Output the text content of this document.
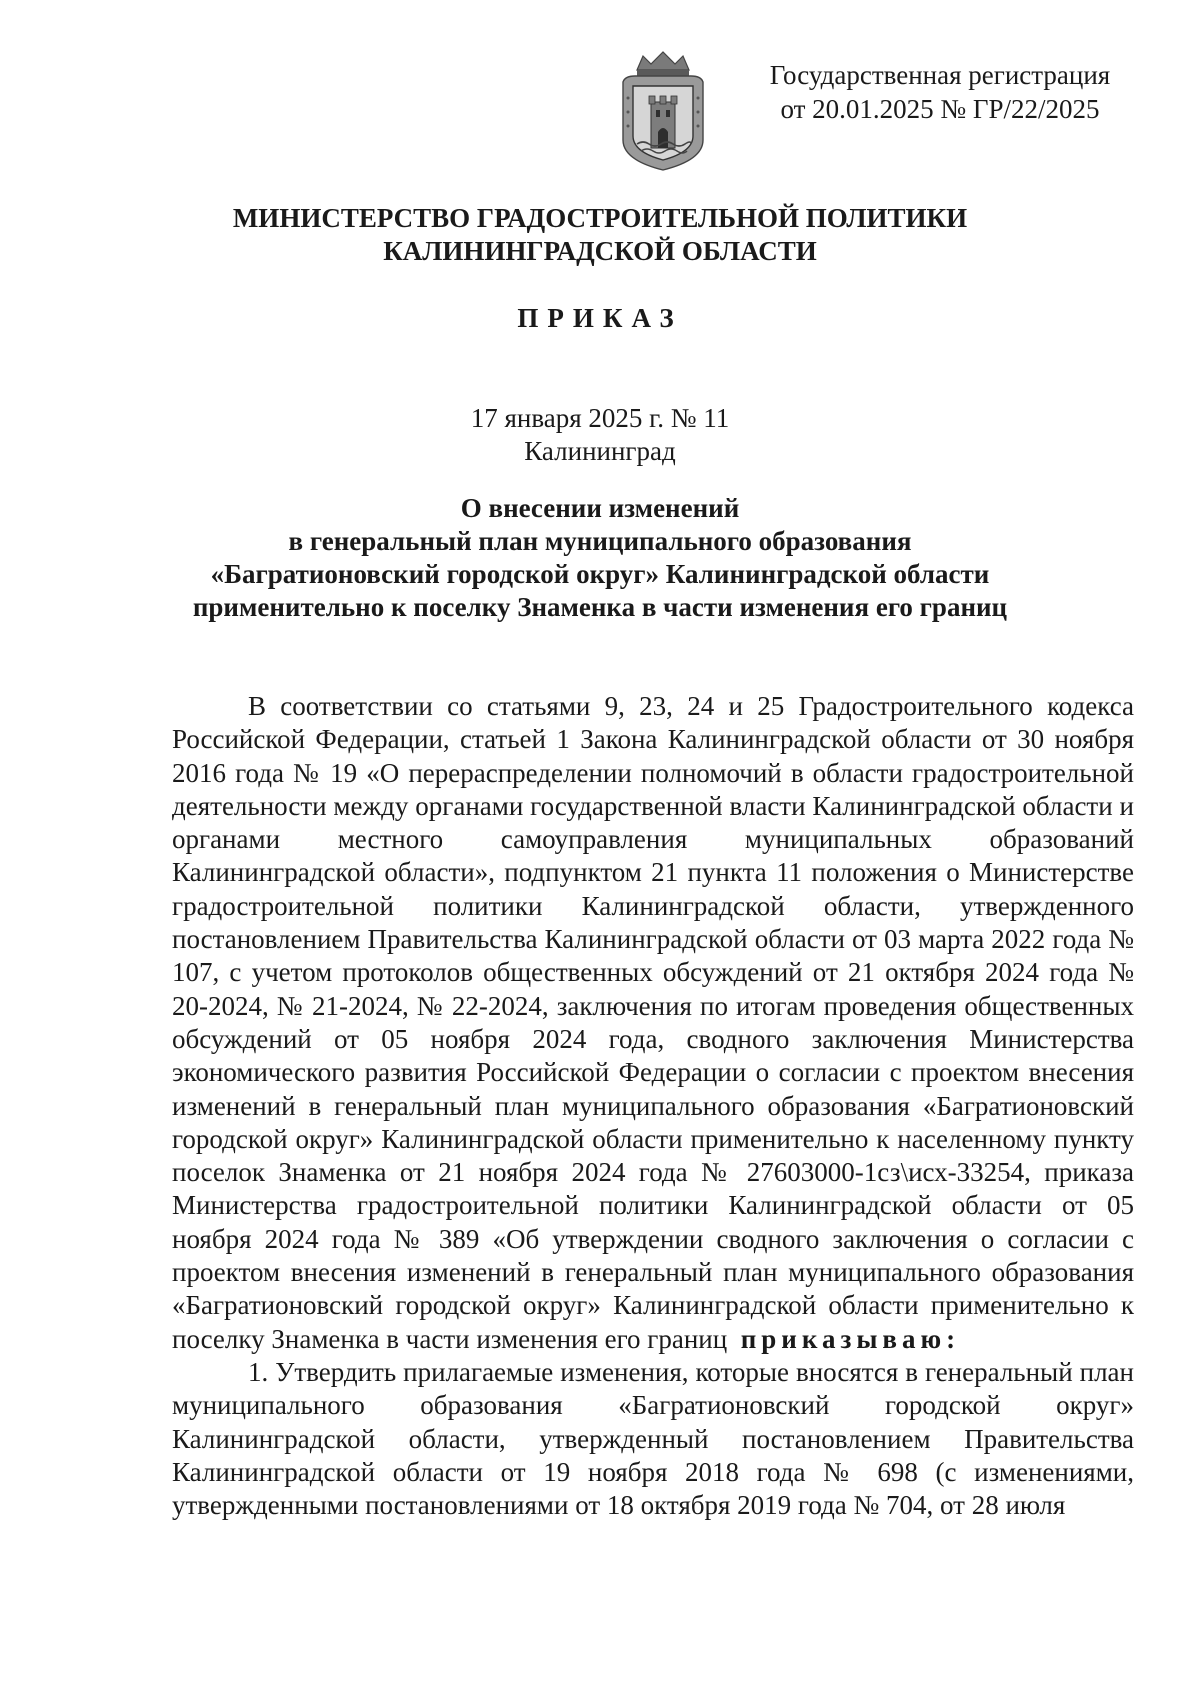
Государственная регистрация
от 20.01.2025 № ГР/22/2025
МИНИСТЕРСТВО ГРАДОСТРОИТЕЛЬНОЙ ПОЛИТИКИ
КАЛИНИНГРАДСКОЙ ОБЛАСТИ
ПРИКАЗ
17 января 2025 г. № 11
Калининград
О внесении изменений
в генеральный план муниципального образования
«Багратионовский городской округ» Калининградской области
применительно к поселку Знаменка в части изменения его границ

В соответствии со статьями 9, 23, 24 и 25 Градостроительного кодекса Российской Федерации, статьей 1 Закона Калининградской области от 30 ноября 2016 года № 19 «О перераспределении полномочий в области градостроительной деятельности между органами государственной власти Калининградской области и органами местного самоуправления муниципальных образований Калининградской области», подпунктом 21 пункта 11 положения о Министерстве градостроительной политики Калининградской области, утвержденного постановлением Правительства Калининградской области от 03 марта 2022 года № 107, с учетом протоколов общественных обсуждений от 21 октября 2024 года № 20-2024, № 21-2024, № 22-2024, заключения по итогам проведения общественных обсуждений от 05 ноября 2024 года, сводного заключения Министерства экономического развития Российской Федерации о согласии с проектом внесения изменений в генеральный план муниципального образования «Багратионовский городской округ» Калининградской области применительно к населенному пункту поселок Знаменка от 21 ноября 2024 года № 27603000-1сз\исх-33254, приказа Министерства градостроительной политики Калининградской области от 05 ноября 2024 года № 389 «Об утверждении сводного заключения о согласии с проектом внесения изменений в генеральный план муниципального образования «Багратионовский городской округ» Калининградской области применительно к поселку Знаменка в части изменения его границ приказываю:

1. Утвердить прилагаемые изменения, которые вносятся в генеральный план муниципального образования «Багратионовский городской округ» Калининградской области, утвержденный постановлением Правительства Калининградской области от 19 ноября 2018 года № 698 (с изменениями, утвержденными постановлениями от 18 октября 2019 года № 704, от 28 июля
